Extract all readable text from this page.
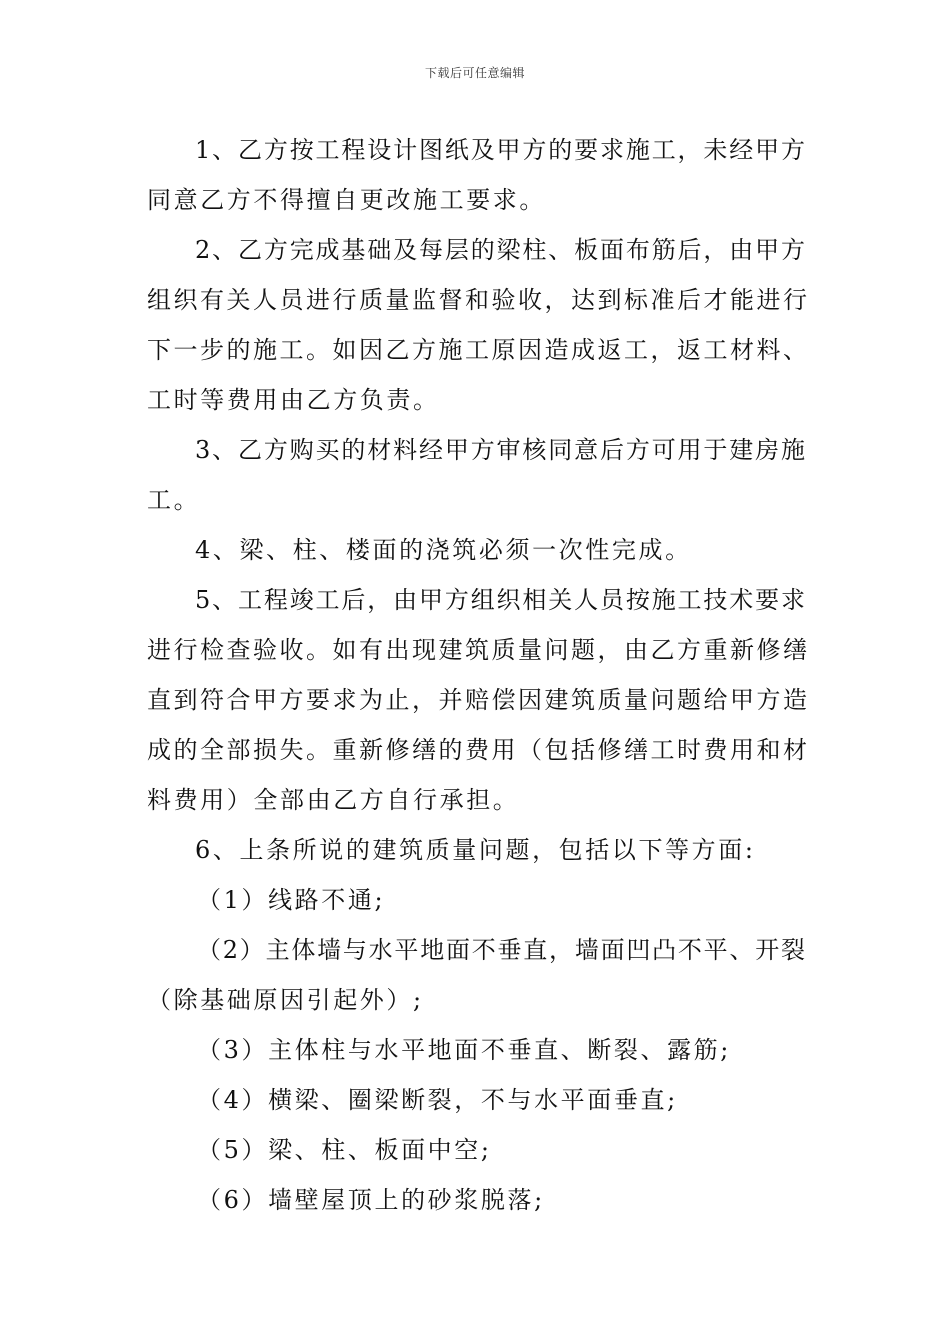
下载后可任意编辑
1、乙方按工程设计图纸及甲方的要求施工，未经甲方
同意乙方不得擅自更改施工要求。
2、乙方完成基础及每层的梁柱、板面布筋后，由甲方
组织有关人员进行质量监督和验收，达到标准后才能进行
下一步的施工。如因乙方施工原因造成返工，返工材料、
工时等费用由乙方负责。
3、乙方购买的材料经甲方审核同意后方可用于建房施
工。
4、梁、柱、楼面的浇筑必须一次性完成。
5、工程竣工后，由甲方组织相关人员按施工技术要求
进行检查验收。如有出现建筑质量问题，由乙方重新修缮
直到符合甲方要求为止，并赔偿因建筑质量问题给甲方造
成的全部损失。重新修缮的费用（包括修缮工时费用和材
料费用）全部由乙方自行承担。
6、上条所说的建筑质量问题，包括以下等方面:
（1）线路不通;
（2）主体墙与水平地面不垂直，墙面凹凸不平、开裂
（除基础原因引起外）;
（3）主体柱与水平地面不垂直、断裂、露筋;
（4）横梁、圈梁断裂，不与水平面垂直;
（5）梁、柱、板面中空;
（6）墙壁屋顶上的砂浆脱落;
